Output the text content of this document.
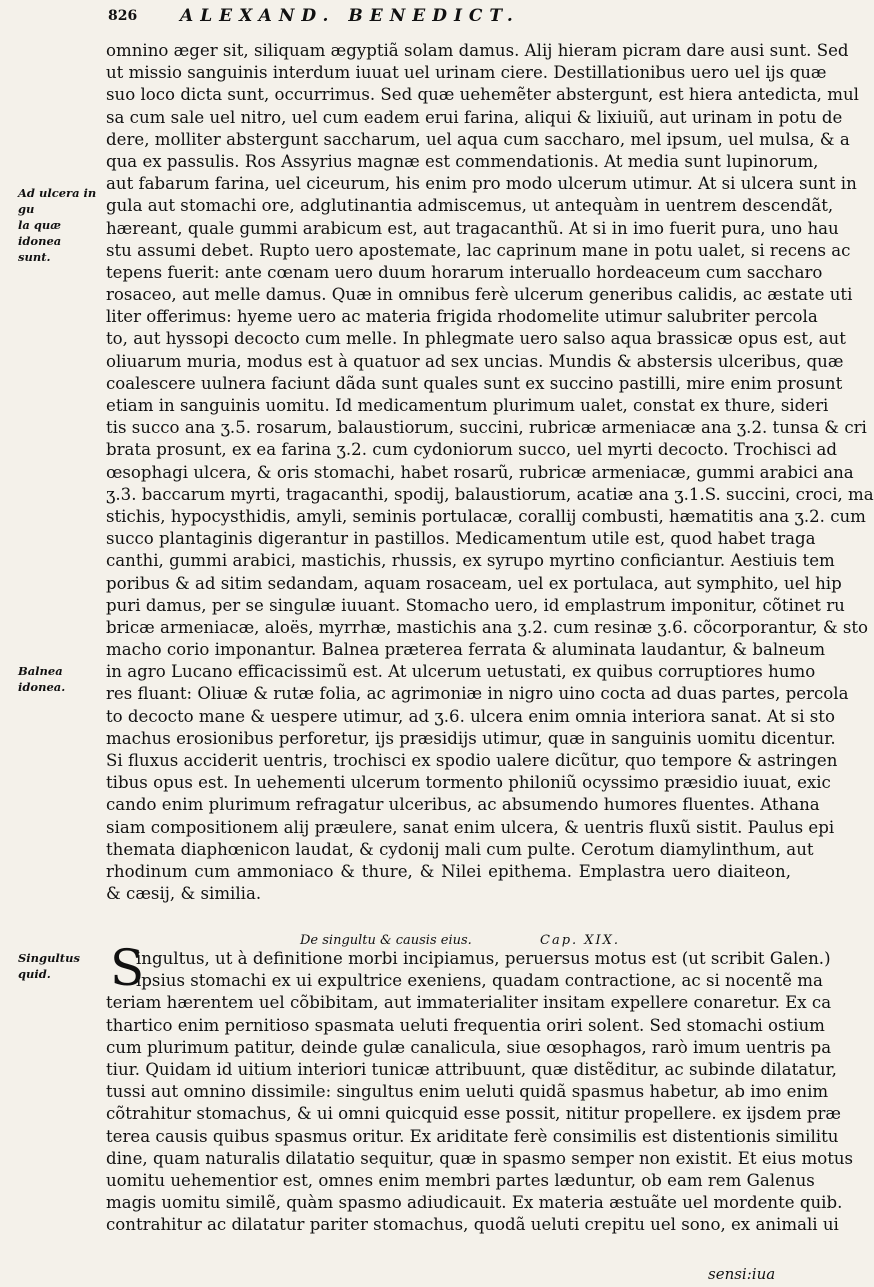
826	ALEXAND. BENEDICT.
Ad ulcera in gu
la quæ idonea
sunt.
Balnea idonea.
Singultus quid.
omnino æger sit, siliquam ægyptiã solam damus. Alij hieram picram dare ausi sunt. Sed
ut missio sanguinis interdum iuuat uel urinam ciere. Destillationibus uero uel ijs quæ
suo loco dicta sunt, occurrimus. Sed quæ uehemẽter abstergunt, est hiera antedicta, mul
sa cum sale uel nitro, uel cum eadem erui farina, aliqui & lixiuiũ, aut urinam in potu de
dere, molliter abstergunt saccharum, uel aqua cum saccharo, mel ipsum, uel mulsa, & a
qua ex passulis. Ros Assyrius magnæ est commendationis. At media sunt lupinorum,
aut fabarum farina, uel ciceurum, his enim pro modo ulcerum utimur. At si ulcera sunt in
gula aut stomachi ore, adglutinantia admiscemus, ut antequàm in uentrem descendãt,
hæreant, quale gummi arabicum est, aut tragacanthũ. At si in imo fuerit pura, uno hau
stu assumi debet. Rupto uero apostemate, lac caprinum mane in potu ualet, si recens ac
tepens fuerit: ante cœnam uero duum horarum interuallo hordeaceum cum saccharo
rosaceo, aut melle damus. Quæ in omnibus ferè ulcerum generibus calidis, ac æstate uti
liter offerimus: hyeme uero ac materia frigida rhodomelite utimur salubriter percola
to, aut hyssopi decocto cum melle. In phlegmate uero salso aqua brassicæ opus est, aut
oliuarum muria, modus est à quatuor ad sex uncias. Mundis & abstersis ulceribus, quæ
coalescere uulnera faciunt dãda sunt quales sunt ex succino pastilli, mire enim prosunt
etiam in sanguinis uomitu. Id medicamentum plurimum ualet, constat ex thure, sideri
tis succo ana ʒ.5. rosarum, balaustiorum, succini, rubricæ armeniacæ ana ʒ.2. tunsa & cri
brata prosunt, ex ea farina ʒ.2. cum cydoniorum succo, uel myrti decocto. Trochisci ad
œsophagi ulcera, & oris stomachi, habet rosarũ, rubricæ armeniacæ, gummi arabici ana
ʒ.3. baccarum myrti, tragacanthi, spodij, balaustiorum, acatiæ ana ʒ.1.S. succini, croci, ma
stichis, hypocysthidis, amyli, seminis portulacæ, corallij combusti, hæmatitis ana ʒ.2. cum
succo plantaginis digerantur in pastillos. Medicamentum utile est, quod habet traga
canthi, gummi arabici, mastichis, rhussis, ex syrupo myrtino conficiantur. Aestiuis tem
poribus & ad sitim sedandam, aquam rosaceam, uel ex portulaca, aut symphito, uel hip
puri damus, per se singulæ iuuant. Stomacho uero, id emplastrum imponitur, cõtinet ru
bricæ armeniacæ, aloës, myrrhæ, mastichis ana ʒ.2. cum resinæ ʒ.6. cõcorporantur, & sto
macho corio imponantur. Balnea præterea ferrata & aluminata laudantur, & balneum
in agro Lucano efficacissimũ est. At ulcerum uetustati, ex quibus corruptiores humo
res fluant: Oliuæ & rutæ folia, ac agrimoniæ in nigro uino cocta ad duas partes, percola
to decocto mane & uespere utimur, ad ʒ.6. ulcera enim omnia interiora sanat. At si sto
machus erosionibus perforetur, ijs præsidijs utimur, quæ in sanguinis uomitu dicentur.
Si fluxus acciderit uentris, trochisci ex spodio ualere dicũtur, quo tempore & astringen
tibus opus est. In uehementi ulcerum tormento philoniũ ocyssimo præsidio iuuat, exic
cando enim plurimum refragatur ulceribus, ac absumendo humores fluentes. Athana
siam compositionem alij præulere, sanat enim ulcera, & uentris fluxũ sistit. Paulus epi
themata diaphœnicon laudat, & cydonij mali cum pulte. Cerotum diamylinthum, aut
rhodinum cum ammoniaco & thure, & Nilei epithema. Emplastra uero diaiteon,
& cæsij, & similia.
De singultu & causis eius.	Cap. XIX.
S
ingultus, ut à definitione morbi incipiamus, peruersus motus est (ut scribit Galen.)
ipsius stomachi ex ui expultrice exeniens, quadam contractione, ac si nocentẽ ma
teriam hærentem uel cõbibitam, aut immaterialiter insitam expellere conaretur. Ex ca
thartico enim pernitioso spasmata ueluti frequentia oriri solent. Sed stomachi ostium
cum plurimum patitur, deinde gulæ canalicula, siue œsophagos, rarò imum uentris pa
tiur. Quidam id uitium interiori tunicæ attribuunt, quæ distẽditur, ac subinde dilatatur,
tussi aut omnino dissimile: singultus enim ueluti quidã spasmus habetur, ab imo enim
cõtrahitur stomachus, & ui omni quicquid esse possit, nititur propellere. ex ijsdem præ
terea causis quibus spasmus oritur. Ex ariditate ferè consimilis est distentionis similitu
dine, quam naturalis dilatatio sequitur, quæ in spasmo semper non existit. Et eius motus
uomitu uehementior est, omnes enim membri partes læduntur, ob eam rem Galenus
magis uomitu similẽ, quàm spasmo adiudicauit. Ex materia æstuãte uel mordente quib.
contrahitur ac dilatatur pariter stomachus, quodã ueluti crepitu uel sono, ex animali ui
sensi:iua
